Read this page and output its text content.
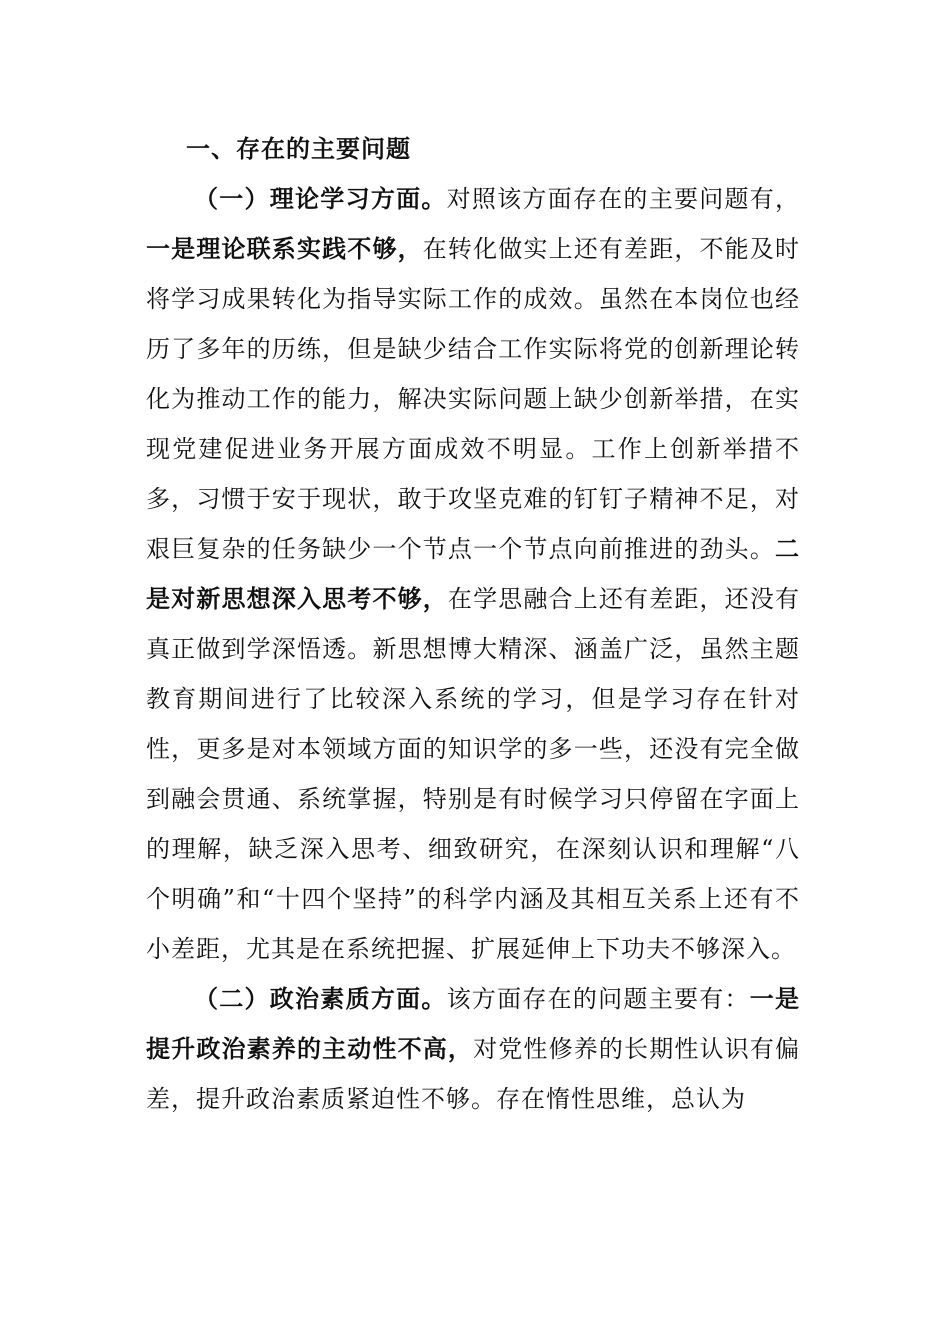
一、存在的主要问题

（一）理论学习方面。对照该方面存在的主要问题有，一是理论联系实践不够，在转化做实上还有差距，不能及时将学习成果转化为指导实际工作的成效。虽然在本岗位也经历了多年的历练，但是缺少结合工作实际将党的创新理论转化为推动工作的能力，解决实际问题上缺少创新举措，在实现党建促进业务开展方面成效不明显。工作上创新举措不多，习惯于安于现状，敢于攻坚克难的钉钉子精神不足，对艰巨复杂的任务缺少一个节点一个节点向前推进的劲头。二是对新思想深入思考不够，在学思融合上还有差距，还没有真正做到学深悟透。新思想博大精深、涵盖广泛，虽然主题教育期间进行了比较深入系统的学习，但是学习存在针对性，更多是对本领域方面的知识学的多一些，还没有完全做到融会贯通、系统掌握，特别是有时候学习只停留在字面上的理解，缺乏深入思考、细致研究，在深刻认识和理解“八个明确”和“十四个坚持”的科学内涵及其相互关系上还有不小差距，尤其是在系统把握、扩展延伸上下功夫不够深入。

（二）政治素质方面。该方面存在的问题主要有：一是提升政治素养的主动性不高，对党性修养的长期性认识有偏差，提升政治素质紧迫性不够。存在惰性思维，总认为
